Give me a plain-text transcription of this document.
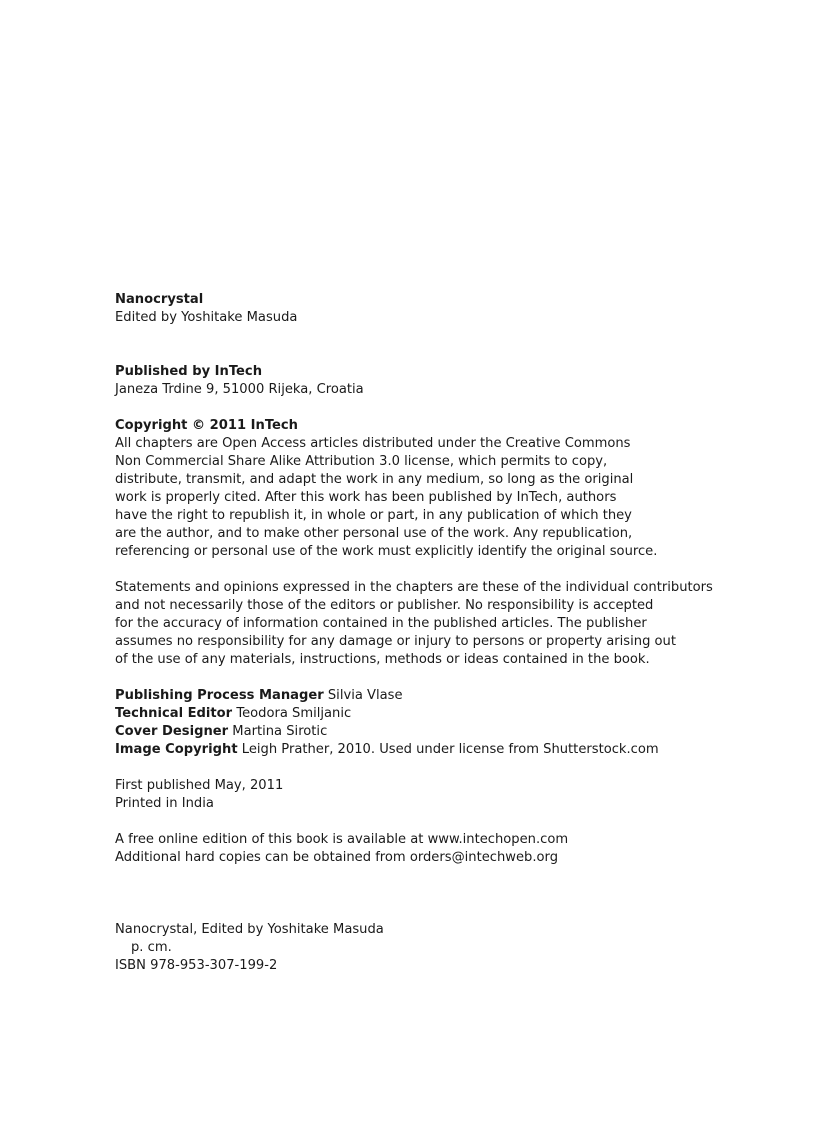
Nanocrystal
Edited by Yoshitake Masuda
Published by InTech
Janeza Trdine 9, 51000 Rijeka, Croatia
Copyright © 2011 InTech
All chapters are Open Access articles distributed under the Creative Commons
Non Commercial Share Alike Attribution 3.0 license, which permits to copy,
distribute, transmit, and adapt the work in any medium, so long as the original
work is properly cited. After this work has been published by InTech, authors
have the right to republish it, in whole or part, in any publication of which they
are the author, and to make other personal use of the work. Any republication,
referencing or personal use of the work must explicitly identify the original source.
Statements and opinions expressed in the chapters are these of the individual contributors
and not necessarily those of the editors or publisher. No responsibility is accepted
for the accuracy of information contained in the published articles. The publisher
assumes no responsibility for any damage or injury to persons or property arising out
of the use of any materials, instructions, methods or ideas contained in the book.
Publishing Process Manager Silvia Vlase
Technical Editor Teodora Smiljanic
Cover Designer Martina Sirotic
Image Copyright Leigh Prather, 2010. Used under license from Shutterstock.com
First published May, 2011
Printed in India
A free online edition of this book is available at www.intechopen.com
Additional hard copies can be obtained from orders@intechweb.org
Nanocrystal, Edited by Yoshitake Masuda
p. cm.
ISBN 978-953-307-199-2
